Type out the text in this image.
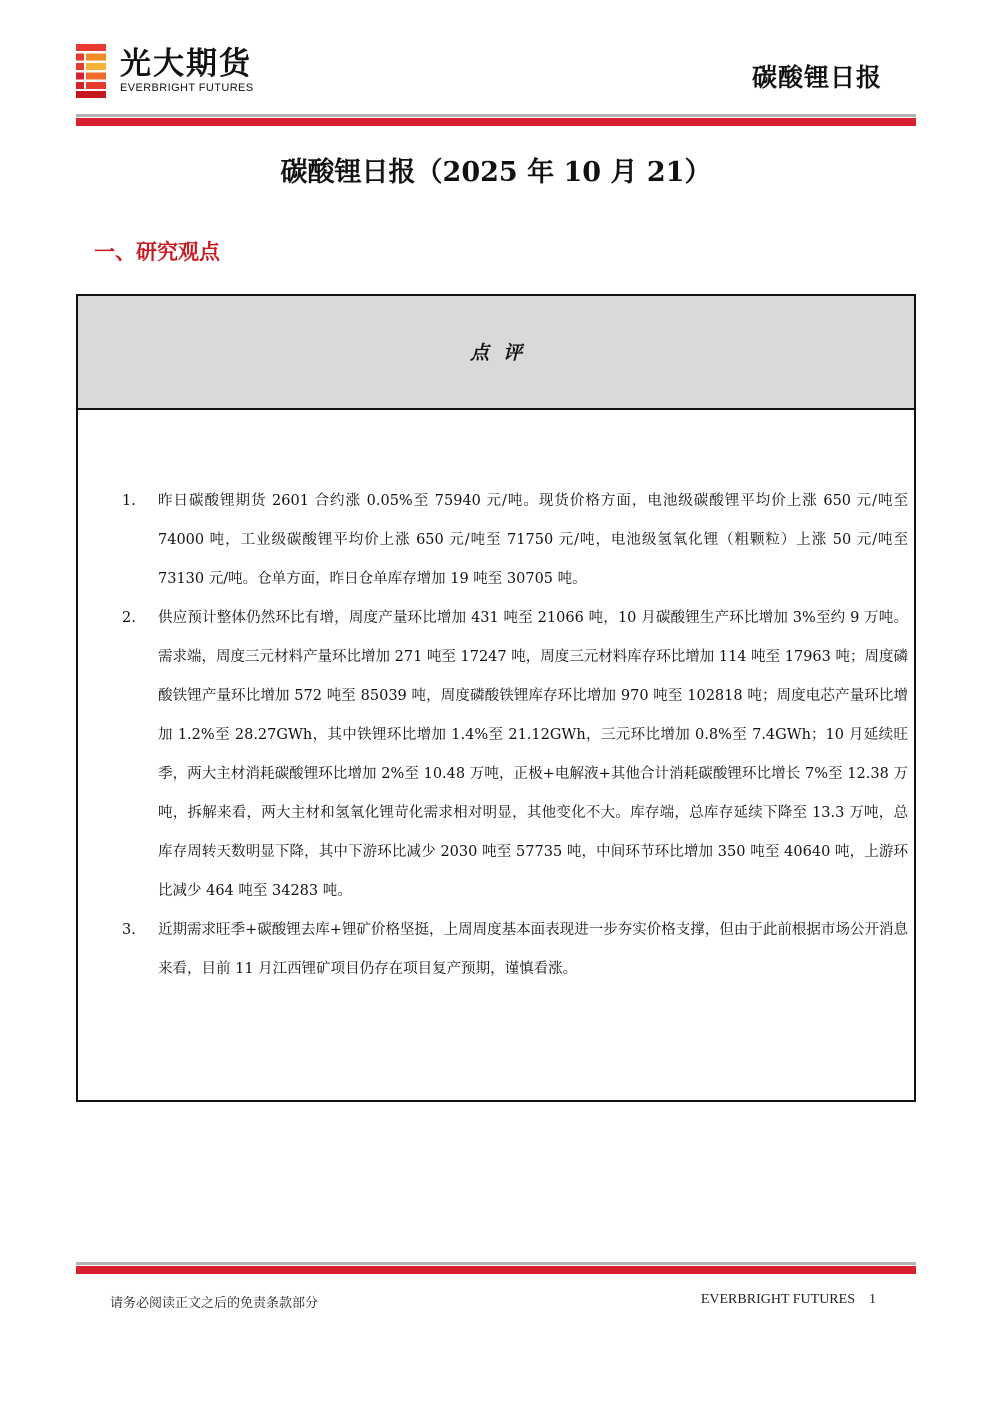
光大期货
EVERBRIGHT FUTURES	碳酸锂日报
碳酸锂日报（2025 年 10 月 21）
一、研究观点
点评
1. 昨日碳酸锂期货 2601 合约涨 0.05%至 75940 元/吨。现货价格方面，电池级碳酸锂平均价上涨 650 元/吨至 74000 吨，工业级碳酸锂平均价上涨 650 元/吨至 71750 元/吨，电池级氢氧化锂（粗颗粒）上涨 50 元/吨至 73130 元/吨。仓单方面，昨日仓单库存增加 19 吨至 30705 吨。
2. 供应预计整体仍然环比有增，周度产量环比增加 431 吨至 21066 吨，10 月碳酸锂生产环比增加 3%至约 9 万吨。需求端，周度三元材料产量环比增加 271 吨至 17247 吨，周度三元材料库存环比增加 114 吨至 17963 吨；周度磷酸铁锂产量环比增加 572 吨至 85039 吨，周度磷酸铁锂库存环比增加 970 吨至 102818 吨；周度电芯产量环比增加 1.2%至 28.27GWh，其中铁锂环比增加 1.4%至 21.12GWh，三元环比增加 0.8%至 7.4GWh；10 月延续旺季，两大主材消耗碳酸锂环比增加 2%至 10.48 万吨，正极+电解液+其他合计消耗碳酸锂环比增长 7%至 12.38 万吨，拆解来看，两大主材和氢氧化锂苛化需求相对明显，其他变化不大。库存端，总库存延续下降至 13.3 万吨，总库存周转天数明显下降，其中下游环比减少 2030 吨至 57735 吨，中间环节环比增加 350 吨至 40640 吨，上游环比减少 464 吨至 34283 吨。
3. 近期需求旺季+碳酸锂去库+锂矿价格坚挺，上周周度基本面表现进一步夯实价格支撑，但由于此前根据市场公开消息来看，目前 11 月江西锂矿项目仍存在项目复产预期，谨慎看涨。
请务必阅读正文之后的免责条款部分	EVERBRIGHT FUTURES 1
